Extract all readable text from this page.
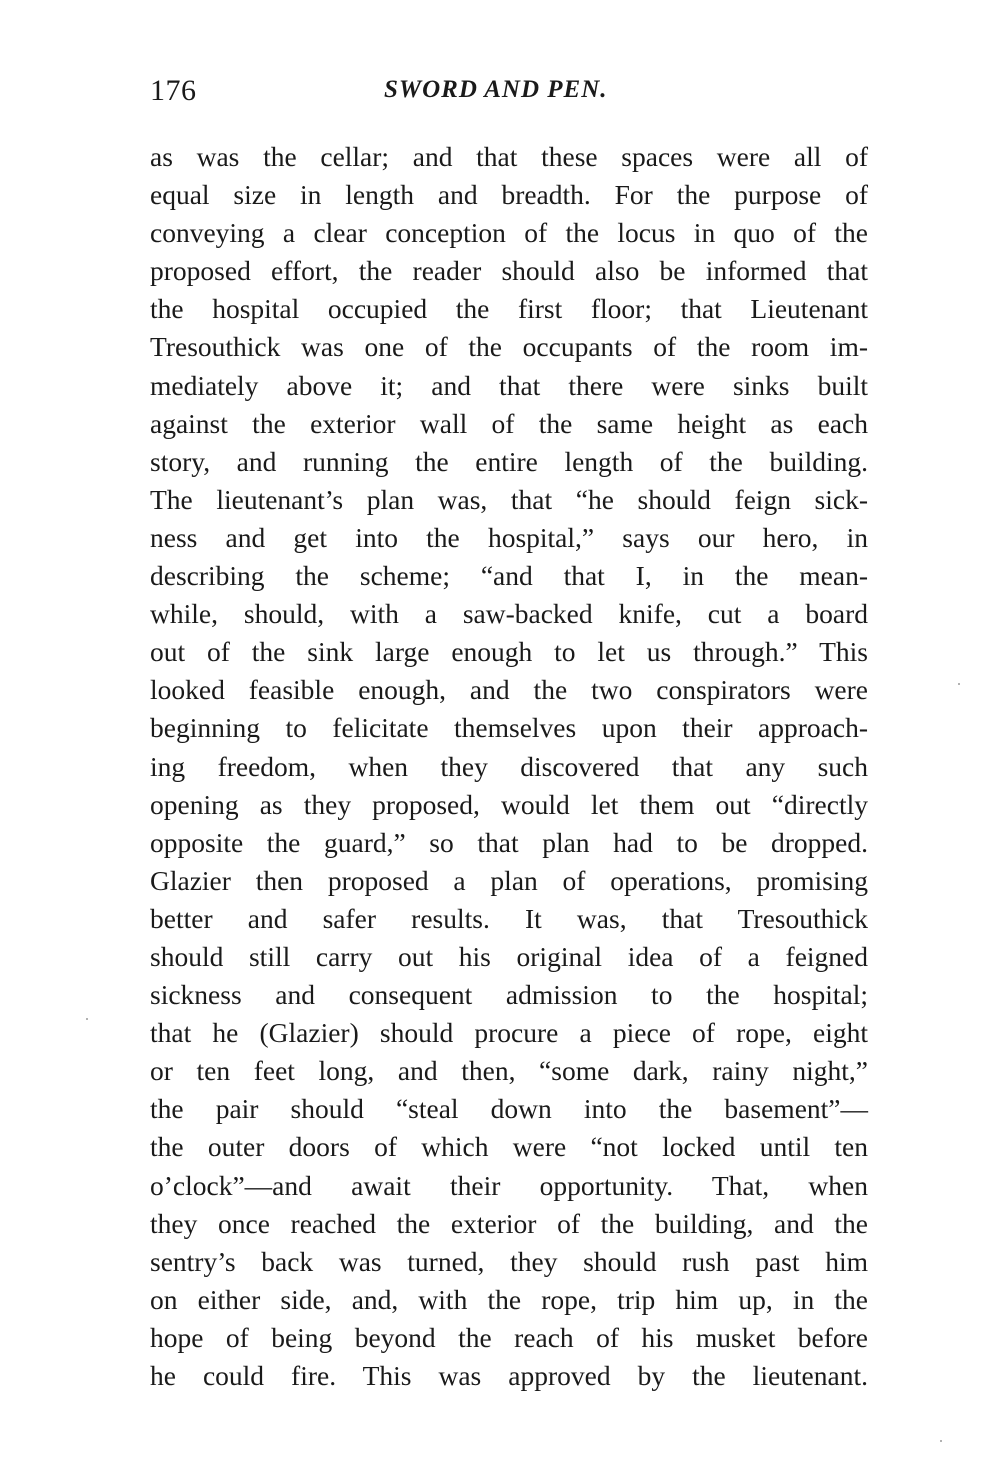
176	SWORD AND PEN.
as was the cellar; and that these spaces were all of
equal size in length and breadth. For the purpose of
conveying a clear conception of the locus in quo of the
proposed effort, the reader should also be informed that
the hospital occupied the first floor; that Lieutenant
Tresouthick was one of the occupants of the room im-
mediately above it; and that there were sinks built
against the exterior wall of the same height as each
story, and running the entire length of the building.
The lieutenant’s plan was, that “he should feign sick-
ness and get into the hospital,” says our hero, in
describing the scheme; “and that I, in the mean-
while, should, with a saw-backed knife, cut a board
out of the sink large enough to let us through.” This
looked feasible enough, and the two conspirators were
beginning to felicitate themselves upon their approach-
ing freedom, when they discovered that any such
opening as they proposed, would let them out “directly
opposite the guard,” so that plan had to be dropped.
Glazier then proposed a plan of operations, promising
better and safer results. It was, that Tresouthick
should still carry out his original idea of a feigned
sickness and consequent admission to the hospital;
that he (Glazier) should procure a piece of rope, eight
or ten feet long, and then, “some dark, rainy night,”
the pair should “steal down into the basement”—
the outer doors of which were “not locked until ten
o’clock”—and await their opportunity. That, when
they once reached the exterior of the building, and the
sentry’s back was turned, they should rush past him
on either side, and, with the rope, trip him up, in the
hope of being beyond the reach of his musket before
he could fire. This was approved by the lieutenant.
